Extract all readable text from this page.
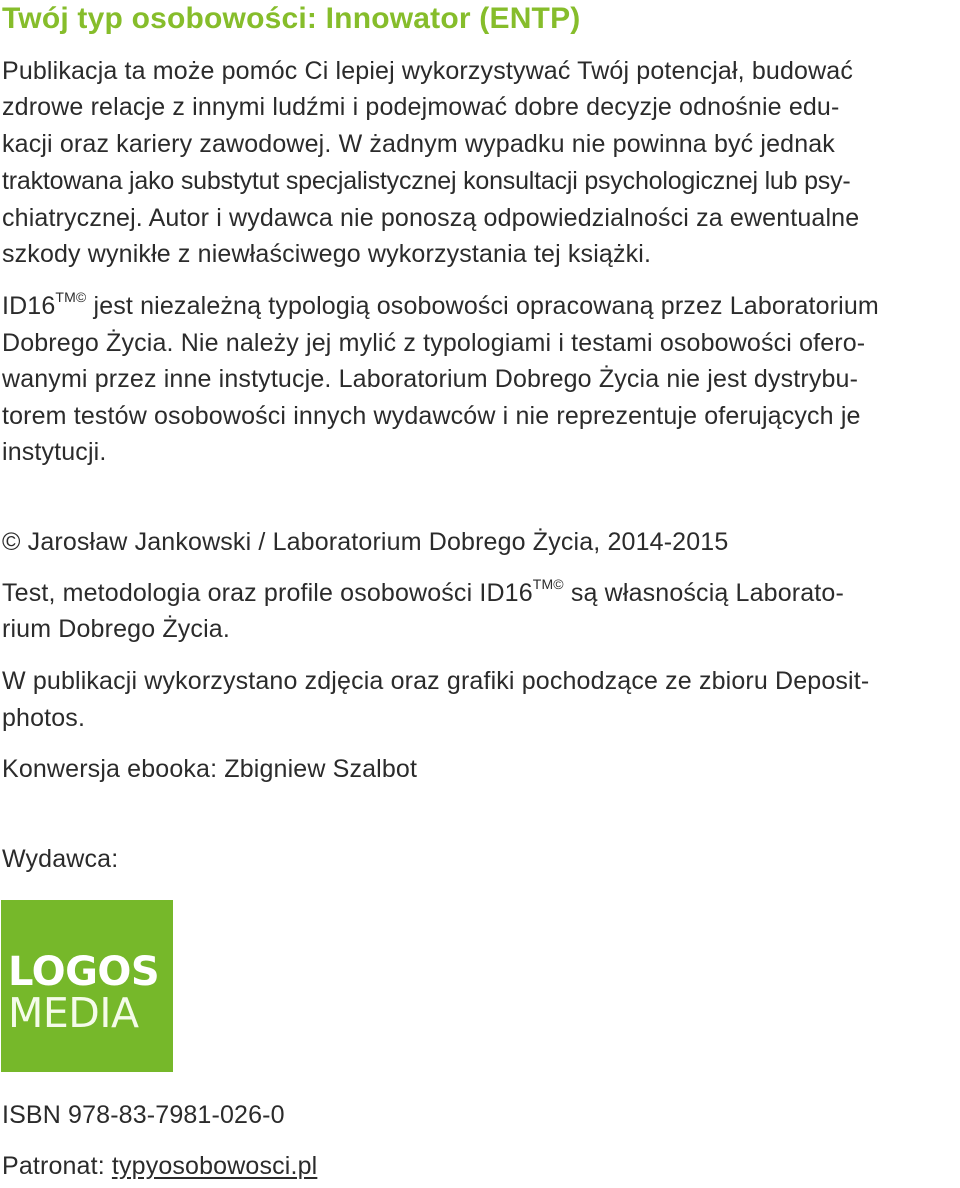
Twój typ osobowości: Innowator (ENTP)

Publikacja ta może pomóc Ci lepiej wykorzystywać Twój potencjał, budować

zdrowe relacje z innymi ludźmi i podejmować dobre decyzje odnośnie edu-

kacji oraz kariery zawodowej. W żadnym wypadku nie powinna być jednak

traktowana jako substytut specjalistycznej konsultacji psychologicznej lub psy-

chiatrycznej. Autor i wydawca nie ponoszą odpowiedzialności za ewentualne

szkody wynikłe z niewłaściwego wykorzystania tej książki.

$ID16^{TM©}$ jest niezależną typologią osobowości opracowaną przez Laboratorium

Dobrego Życia. Nie należy jej mylić z typologiami i testami osobowości ofero-

wanymi przez inne instytucje. Laboratorium Dobrego Życia nie jest dystrybu-

torem testów osobowości innych wydawców i nie reprezentuje oferujących je

instytucji.

© Jarosław Jankowski / Laboratorium Dobrego Życia, 2014-2015

Test, metodologia oraz profile osobowości $ID16^{TM©}$ są własnością Laborato-

rium Dobrego Życia.

W publikacji wykorzystano zdjęcia oraz grafiki pochodzące ze zbioru Deposit-

photos.

Konwersja ebooka: Zbigniew Szalbot

Wydawca:

LOGOS

MEDIA

ISBN 978-83-7981-026-0

Patronat: typyosobowosci.pl
